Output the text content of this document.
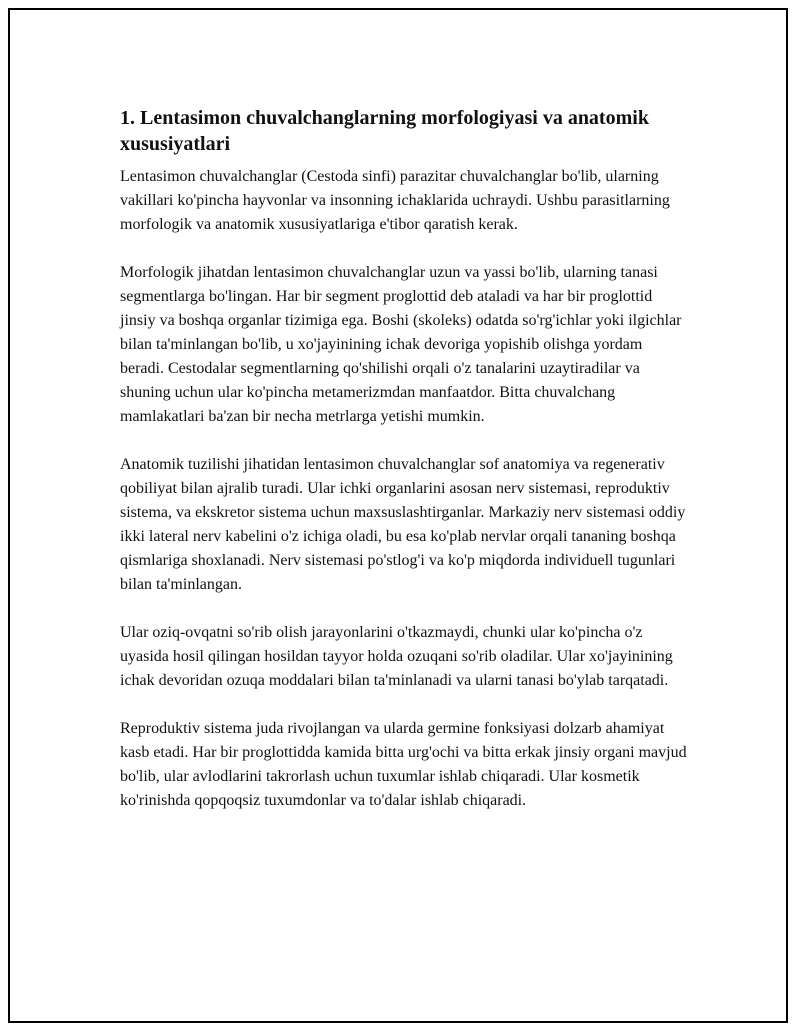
1. Lentasimon chuvalchanglarning morfologiyasi va anatomik xususiyatlari

Lentasimon chuvalchanglar (Cestoda sinfi) parazitar chuvalchanglar bo'lib, ularning vakillari ko'pincha hayvonlar va insonning ichaklarida uchraydi. Ushbu parasitlarning morfologik va anatomik xususiyatlariga e'tibor qaratish kerak.

Morfologik jihatdan lentasimon chuvalchanglar uzun va yassi bo'lib, ularning tanasi segmentlarga bo'lingan. Har bir segment proglottid deb ataladi va har bir proglottid jinsiy va boshqa organlar tizimiga ega. Boshi (skoleks) odatda so'rg'ichlar yoki ilgichlar bilan ta'minlangan bo'lib, u xo'jayinining ichak devoriga yopishib olishga yordam beradi. Cestodalar segmentlarning qo'shilishi orqali o'z tanalarini uzaytiradilar va shuning uchun ular ko'pincha metamerizmdan manfaatdor. Bitta chuvalchang mamlakatlari ba'zan bir necha metrlarga yetishi mumkin.

Anatomik tuzilishi jihatidan lentasimon chuvalchanglar sof anatomiya va regenerativ qobiliyat bilan ajralib turadi. Ular ichki organlarini asosan nerv sistemasi, reproduktiv sistema, va ekskretor sistema uchun maxsuslashtirganlar. Markaziy nerv sistemasi oddiy ikki lateral nerv kabelini o'z ichiga oladi, bu esa ko'plab nervlar orqali tananing boshqa qismlariga shoxlanadi. Nerv sistemasi po'stlog'i va ko'p miqdorda individuell tugunlari bilan ta'minlangan.

Ular oziq-ovqatni so'rib olish jarayonlarini o'tkazmaydi, chunki ular ko'pincha o'z uyasida hosil qilingan hosildan tayyor holda ozuqani so'rib oladilar. Ular xo'jayinining ichak devoridan ozuqa moddalari bilan ta'minlanadi va ularni tanasi bo'ylab tarqatadi.

Reproduktiv sistema juda rivojlangan va ularda germine fonksiyasi dolzarb ahamiyat kasb etadi. Har bir proglottidda kamida bitta urg'ochi va bitta erkak jinsiy organi mavjud bo'lib, ular avlodlarini takrorlash uchun tuxumlar ishlab chiqaradi. Ular kosmetik ko'rinishda qopqoqsiz tuxumdonlar va to'dalar ishlab chiqaradi.
